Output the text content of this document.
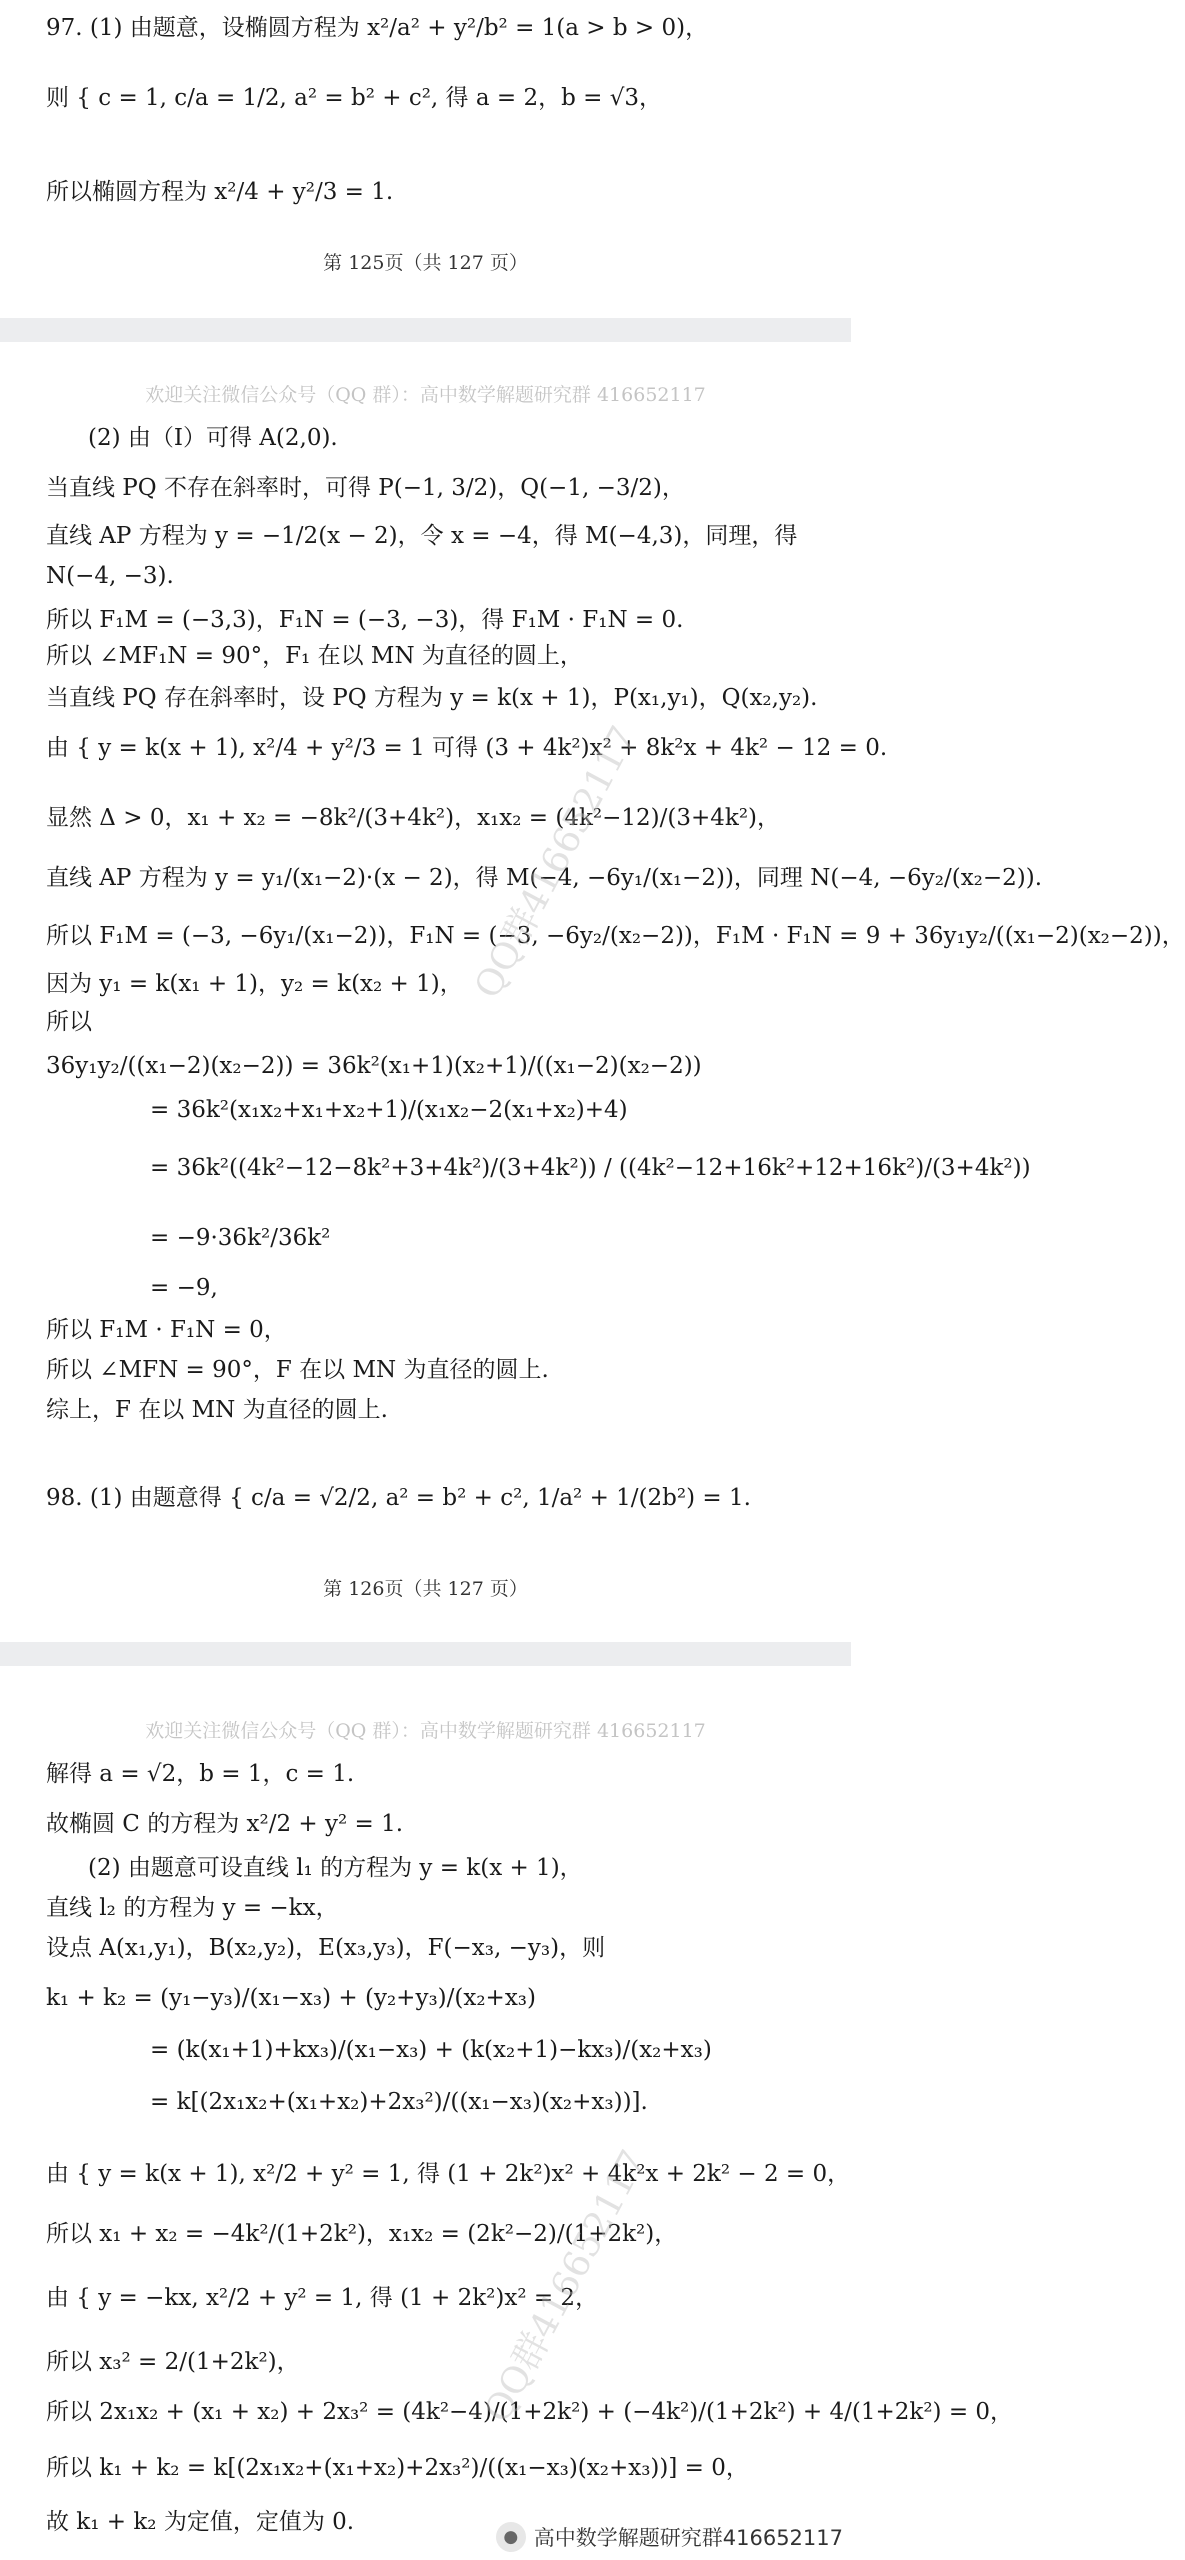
97. (1) 由题意，设椭圆方程为 x²/a² + y²/b² = 1(a > b > 0)，
则 { c = 1, c/a = 1/2, a² = b² + c², 得 a = 2，b = √3，
所以椭圆方程为 x²/4 + y²/3 = 1.
第 125页（共 127 页）
欢迎关注微信公众号（QQ 群）：高中数学解题研究群 416652117
(2) 由（Ⅰ）可得 A(2,0).
当直线 PQ 不存在斜率时，可得 P(−1, 3/2)，Q(−1, −3/2)，
直线 AP 方程为 y = −1/2(x − 2)，令 x = −4，得 M(−4,3)，同理，得
N(−4, −3).
所以 F₁M = (−3,3)，F₁N = (−3, −3)，得 F₁M · F₁N = 0.
所以 ∠MF₁N = 90°，F₁ 在以 MN 为直径的圆上，
当直线 PQ 存在斜率时，设 PQ 方程为 y = k(x + 1)，P(x₁,y₁)，Q(x₂,y₂).
由 { y = k(x + 1), x²/4 + y²/3 = 1 可得 (3 + 4k²)x² + 8k²x + 4k² − 12 = 0.
显然 Δ > 0，x₁ + x₂ = −8k²/(3+4k²)，x₁x₂ = (4k²−12)/(3+4k²)，
直线 AP 方程为 y = y₁/(x₁−2)·(x − 2)，得 M(−4, −6y₁/(x₁−2))，同理 N(−4, −6y₂/(x₂−2)).
所以 F₁M = (−3, −6y₁/(x₁−2))，F₁N = (−3, −6y₂/(x₂−2))，F₁M · F₁N = 9 + 36y₁y₂/((x₁−2)(x₂−2))，
因为 y₁ = k(x₁ + 1)，y₂ = k(x₂ + 1)，
所以
36y₁y₂/((x₁−2)(x₂−2)) = 36k²(x₁+1)(x₂+1)/((x₁−2)(x₂−2))
= 36k²(x₁x₂+x₁+x₂+1)/(x₁x₂−2(x₁+x₂)+4)
= 36k²((4k²−12−8k²+3+4k²)/(3+4k²)) / ((4k²−12+16k²+12+16k²)/(3+4k²))
= −9·36k²/36k²
= −9,
所以 F₁M · F₁N = 0，
所以 ∠MFN = 90°，F 在以 MN 为直径的圆上.
综上，F 在以 MN 为直径的圆上.
98. (1) 由题意得 { c/a = √2/2, a² = b² + c², 1/a² + 1/(2b²) = 1.
第 126页（共 127 页）
QQ群416652117
欢迎关注微信公众号（QQ 群）：高中数学解题研究群 416652117
解得 a = √2，b = 1，c = 1.
故椭圆 C 的方程为 x²/2 + y² = 1.
(2) 由题意可设直线 l₁ 的方程为 y = k(x + 1)，
直线 l₂ 的方程为 y = −kx，
设点 A(x₁,y₁)，B(x₂,y₂)，E(x₃,y₃)，F(−x₃, −y₃)，则
k₁ + k₂ = (y₁−y₃)/(x₁−x₃) + (y₂+y₃)/(x₂+x₃)
= (k(x₁+1)+kx₃)/(x₁−x₃) + (k(x₂+1)−kx₃)/(x₂+x₃)
= k[(2x₁x₂+(x₁+x₂)+2x₃²)/((x₁−x₃)(x₂+x₃))].
由 { y = k(x + 1), x²/2 + y² = 1, 得 (1 + 2k²)x² + 4k²x + 2k² − 2 = 0，
所以 x₁ + x₂ = −4k²/(1+2k²)，x₁x₂ = (2k²−2)/(1+2k²)，
由 { y = −kx, x²/2 + y² = 1, 得 (1 + 2k²)x² = 2，
所以 x₃² = 2/(1+2k²)，
所以 2x₁x₂ + (x₁ + x₂) + 2x₃² = (4k²−4)/(1+2k²) + (−4k²)/(1+2k²) + 4/(1+2k²) = 0，
所以 k₁ + k₂ = k[(2x₁x₂+(x₁+x₂)+2x₃²)/((x₁−x₃)(x₂+x₃))] = 0，
故 k₁ + k₂ 为定值，定值为 0.
QQ群416652117
● 高中数学解题研究群416652117
